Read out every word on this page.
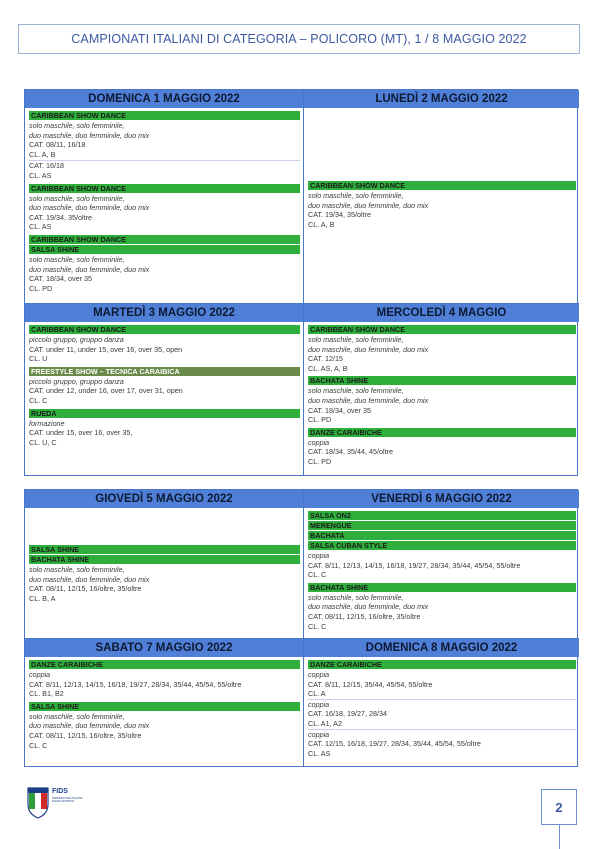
CAMPIONATI ITALIANI DI CATEGORIA – POLICORO (MT), 1 / 8 MAGGIO 2022
DOMENICA 1 MAGGIO 2022
CARIBBEAN SHOW DANCE
solo maschile, solo femminile,
duo maschile, duo femminile, duo mix
CAT. 08/11, 16/18
CL. A, B
CAT. 16/18
CL. AS
CARIBBEAN SHOW DANCE
solo maschile, solo femminile,
duo maschile, duo femminile, duo mix
CAT. 19/34, 35/oltre
CL. AS
CARIBBEAN SHOW DANCE
SALSA SHINE
solo maschile, solo femminile,
duo maschile, duo femminile, duo mix
CAT. 18/34, over 35
CL. PD
LUNEDÌ 2 MAGGIO 2022
CARIBBEAN SHOW DANCE
solo maschile, solo femminile,
duo maschile, duo femminile, duo mix
CAT. 19/34, 35/oltre
CL. A, B
MARTEDÌ 3 MAGGIO 2022
CARIBBEAN SHOW DANCE
piccolo gruppo, gruppo danza
CAT. under 11, under 15, over 16, over 35, open
CL. U
FREESTYLE SHOW – TECNICA CARAIBICA
piccolo gruppo, gruppo danza
CAT. under 12, under 16, over 17, over 31, open
CL. C
RUEDA
formazione
CAT. under 15, over 16, over 35,
CL. U, C
MERCOLEDÌ 4 MAGGIO
CARIBBEAN SHOW DANCE
solo maschile, solo femminile,
duo maschile, duo femminile, duo mix
CAT. 12/15
CL. AS, A, B
BACHATA SHINE
solo maschile, solo femminile,
duo maschile, duo femminile, duo mix
CAT. 18/34, over 35
CL. PD
DANZE CARAIBICHE
coppia
CAT. 18/34, 35/44, 45/oltre
CL. PD
GIOVEDÌ 5 MAGGIO 2022
SALSA SHINE
BACHATA SHINE
solo maschile, solo femminile,
duo maschile, duo femminile, duo mix
CAT. 08/11, 12/15, 16/oltre, 35/oltre
CL. B, A
VENERDÌ 6 MAGGIO 2022
SALSA ON2
MERENGUE
BACHATA
SALSA CUBAN STYLE
coppia
CAT. 8/11, 12/13, 14/15, 16/18, 19/27, 28/34, 35/44, 45/54, 55/oltre
CL. C
BACHATA SHINE
solo maschile, solo femminile,
duo maschile, duo femminile, duo mix
CAT. 08/11, 12/15, 16/oltre, 35/oltre
CL. C
SABATO 7 MAGGIO 2022
DANZE CARAIBICHE
coppia
CAT. 8/11, 12/13, 14/15, 16/18, 19/27, 28/34, 35/44, 45/54, 55/oltre
CL. B1, B2
SALSA SHINE
solo maschile, solo femminile,
duo maschile, duo femminile, duo mix
CAT. 08/11, 12/15, 16/oltre, 35/oltre
CL. C
DOMENICA 8 MAGGIO 2022
DANZE CARAIBICHE
coppia
CAT. 8/11, 12/15, 35/44, 45/54, 55/oltre
CL. A
coppia
CAT. 16/18, 19/27, 28/34
CL. A1, A2
coppia
CAT. 12/15, 16/18, 19/27, 28/34, 35/44, 45/54, 55/oltre
CL. AS
FIDS
FEDERAZIONE ITALIANA DANZA SPORTIVA	2
